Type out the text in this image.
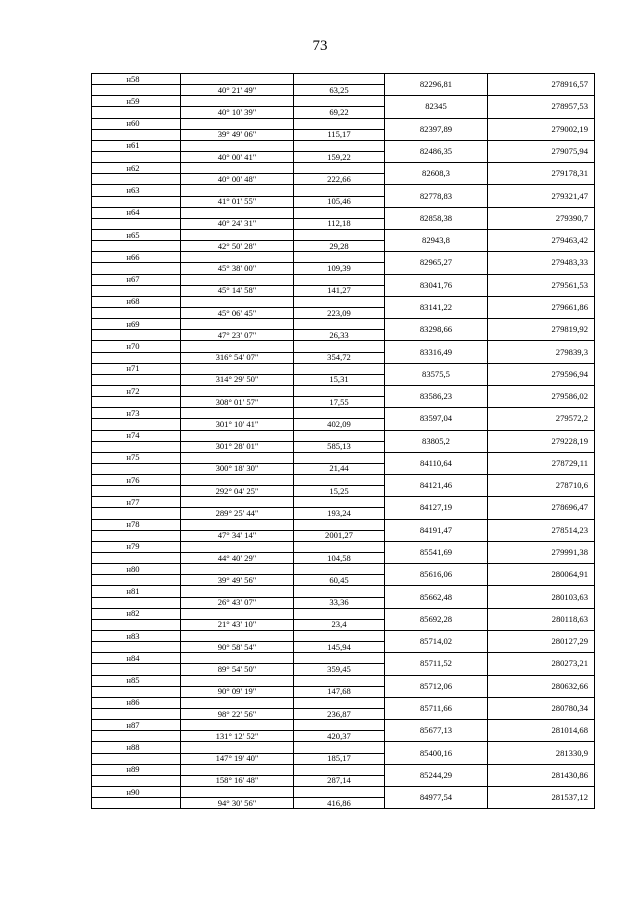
73
н58			82296,81	278916,57
	40° 21' 49"	63,25		
н59			82345	278957,53
	40° 10' 39"	69,22		
н60			82397,89	279002,19
	39° 49' 06"	115,17		
н61			82486,35	279075,94
	40° 00' 41"	159,22		
н62			82608,3	279178,31
	40° 00' 48"	222,66		
н63			82778,83	279321,47
	41° 01' 55"	105,46		
н64			82858,38	279390,7
	40° 24' 31"	112,18		
н65			82943,8	279463,42
	42° 50' 28"	29,28		
н66			82965,27	279483,33
	45° 38' 00"	109,39		
н67			83041,76	279561,53
	45° 14' 58"	141,27		
н68			83141,22	279661,86
	45° 06' 45"	223,09		
н69			83298,66	279819,92
	47° 23' 07"	26,33		
н70			83316,49	279839,3
	316° 54' 07"	354,72		
н71			83575,5	279596,94
	314° 29' 50"	15,31		
н72			83586,23	279586,02
	308° 01' 57"	17,55		
н73			83597,04	279572,2
	301° 10' 41"	402,09		
н74			83805,2	279228,19
	301° 28' 01"	585,13		
н75			84110,64	278729,11
	300° 18' 30"	21,44		
н76			84121,46	278710,6
	292° 04' 25"	15,25		
н77			84127,19	278696,47
	289° 25' 44"	193,24		
н78			84191,47	278514,23
	47° 34' 14"	2001,27		
н79			85541,69	279991,38
	44° 40' 29"	104,58		
н80			85616,06	280064,91
	39° 49' 56"	60,45		
н81			85662,48	280103,63
	26° 43' 07"	33,36		
н82			85692,28	280118,63
	21° 43' 10"	23,4		
н83			85714,02	280127,29
	90° 58' 54"	145,94		
н84			85711,52	280273,21
	89° 54' 50"	359,45		
н85			85712,06	280632,66
	90° 09' 19"	147,68		
н86			85711,66	280780,34
	98° 22' 56"	236,87		
н87			85677,13	281014,68
	131° 12' 52"	420,37		
н88			85400,16	281330,9
	147° 19' 40"	185,17		
н89			85244,29	281430,86
	158° 16' 48"	287,14		
н90			84977,54	281537,12
	94° 30' 56"	416,86		
